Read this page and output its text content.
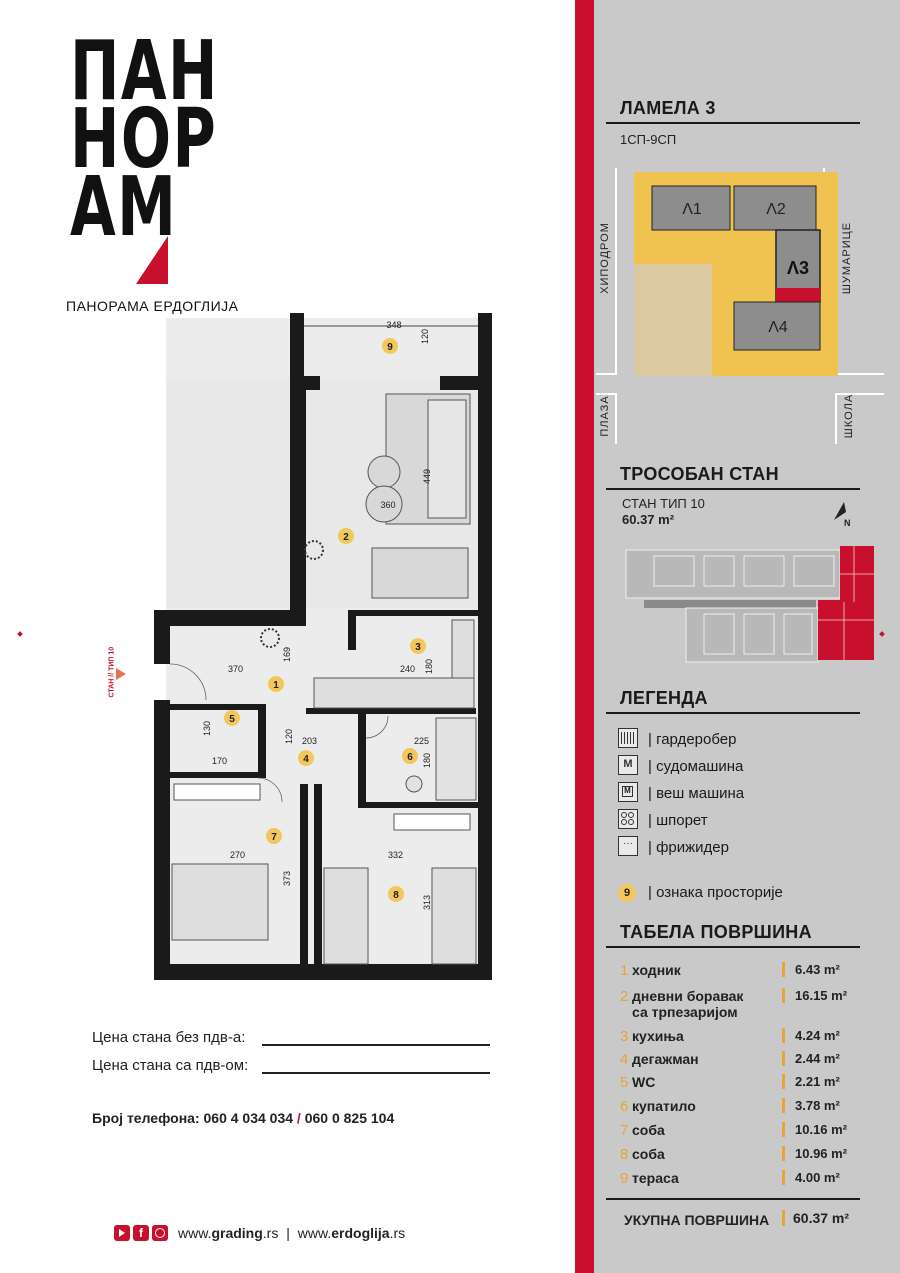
ПАН
НОР
АМ
ПАНОРАМА ЕРДОГЛИЈА
348
120
449
360
169
370	240 180
130
170
120 203	225
180
270
373
332
313
1
2
3
4
5
6
7
8
9
СТАН // ТИП 10
Цена стана без пдв-а:
Цена стана са пдв-ом:
Број телефона: 060 4 034 034 / 060 0 825 104
f	www.grading.rs | www.erdoglija.rs
ЛАМЕЛА 3
1СП-9СП
Λ1	Λ2
Λ3
Λ4
ХИПОДРОМ	ШУМАРИЦЕ
ПЛАЗА	ШКОЛА
ТРОСОБАН СТАН
СТАН ТИП 10
60.37 m²	N
ЛЕГЕНДА
| гардеробер
M | судомашина
M | веш машина
| шпорет
··· | фрижидер
9	| ознака просторије
ТАБЕЛА ПОВРШИНА
1 ходник	6.43 m²
2 дневни боравак
са трпезаријом
16.15 m²
3 кухиња	4.24 m²
4 дегажман	2.44 m²
5 WC	2.21 m²
6 купатило	3.78 m²
7 соба	10.16 m²
8 соба	10.96 m²
9 тераса	4.00 m²
УКУПНА ПОВРШИНА	60.37 m²
